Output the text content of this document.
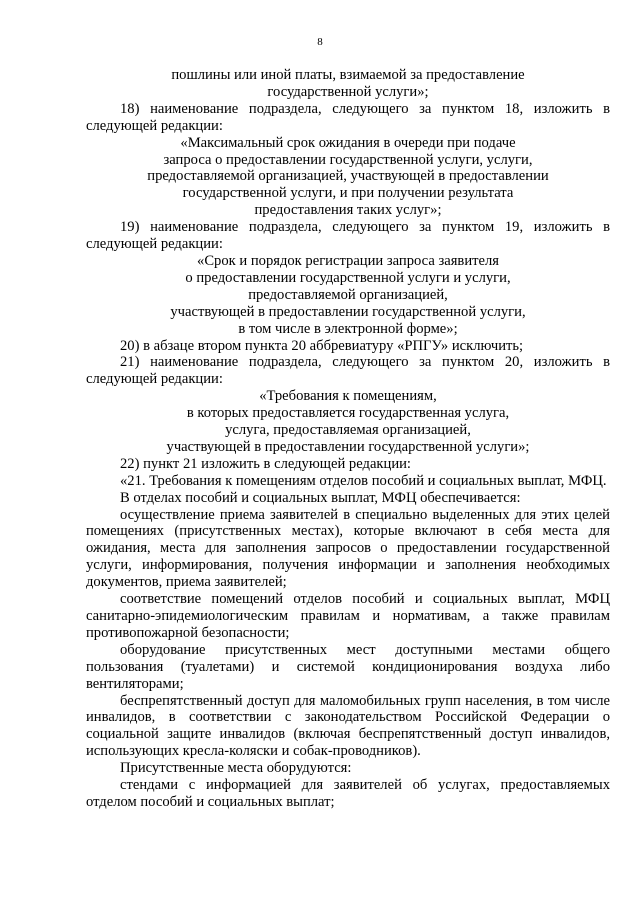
8

пошлины или иной платы, взимаемой за предоставление
государственной услуги»;

18) наименование подраздела, следующего за пунктом 18, изложить в следующей редакции:

«Максимальный срок ожидания в очереди при подаче
запроса о предоставлении государственной услуги, услуги,
предоставляемой организацией, участвующей в предоставлении
государственной услуги, и при получении результата
предоставления таких услуг»;

19) наименование подраздела, следующего за пунктом 19, изложить в следующей редакции:

«Срок и порядок регистрации запроса заявителя
о предоставлении государственной услуги и услуги,
предоставляемой организацией,
участвующей в предоставлении государственной услуги,
в том числе в электронной форме»;

20) в абзаце втором пункта 20 аббревиатуру «РПГУ» исключить;

21) наименование подраздела, следующего за пунктом 20, изложить в следующей редакции:

«Требования к помещениям,
в которых предоставляется государственная услуга,
услуга, предоставляемая организацией,
участвующей в предоставлении государственной услуги»;

22) пункт 21 изложить в следующей редакции:

«21. Требования к помещениям отделов пособий и социальных выплат, МФЦ.

В отделах пособий и социальных выплат, МФЦ обеспечивается:

осуществление приема заявителей в специально выделенных для этих целей помещениях (присутственных местах), которые включают в себя места для ожидания, места для заполнения запросов о предоставлении государственной услуги, информирования, получения информации и заполнения необходимых документов, приема заявителей;

соответствие помещений отделов пособий и социальных выплат, МФЦ санитарно-эпидемиологическим правилам и нормативам, а также правилам противопожарной безопасности;

оборудование присутственных мест доступными местами общего пользования (туалетами) и системой кондиционирования воздуха либо вентиляторами;

беспрепятственный доступ для маломобильных групп населения, в том числе инвалидов, в соответствии с законодательством Российской Федерации о социальной защите инвалидов (включая беспрепятственный доступ инвалидов, использующих кресла-коляски и собак-проводников).

Присутственные места оборудуются:

стендами с информацией для заявителей об услугах, предоставляемых отделом пособий и социальных выплат;
